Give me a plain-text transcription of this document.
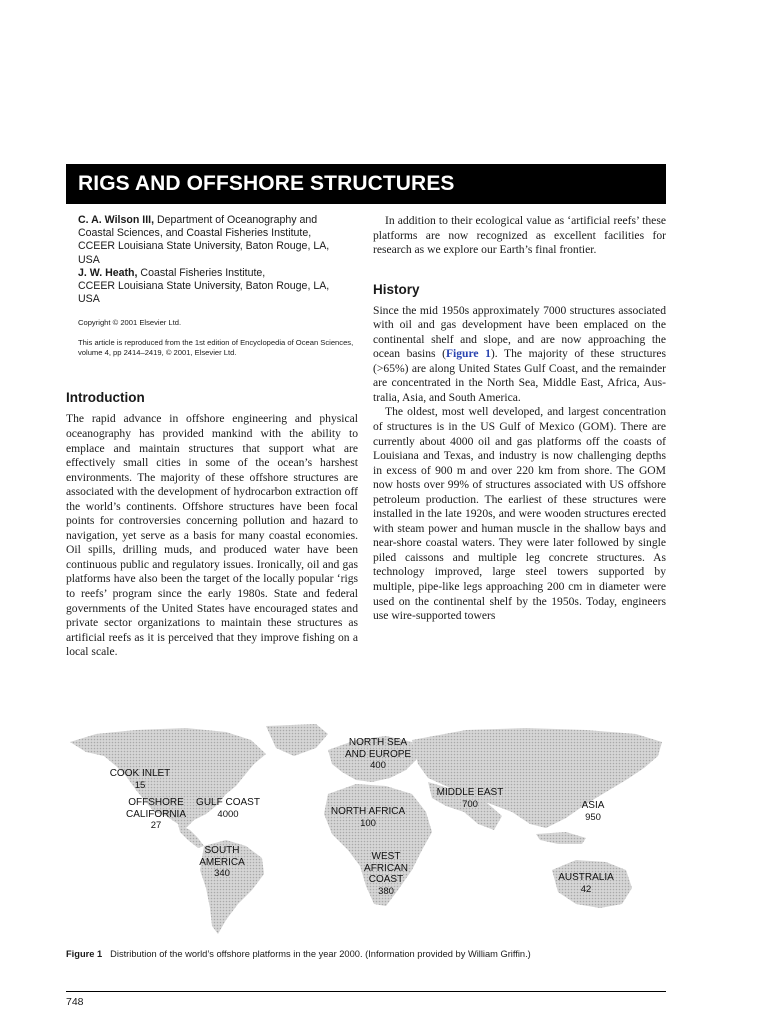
RIGS AND OFFSHORE STRUCTURES
C. A. Wilson III, Department of Oceanography and
Coastal Sciences, and Coastal Fisheries Institute,
CCEER Louisiana State University, Baton Rouge, LA,
USA
J. W. Heath, Coastal Fisheries Institute,
CCEER Louisiana State University, Baton Rouge, LA,
USA
Copyright © 2001 Elsevier Ltd.
This article is reproduced from the 1st edition of Encyclopedia of Ocean Sciences, volume 4, pp 2414–2419, © 2001, Elsevier Ltd.
Introduction

The rapid advance in offshore engineering and physical oceanography has provided mankind with the ability to emplace and maintain structures that support what are effectively small cities in some of the ocean’s harshest environments. The majority of these offshore structures are associated with the development of hydrocarbon extraction off the world’s continents. Offshore structures have been focal points for controversies concerning pollution and hazard to navigation, yet serve as a basis for many coastal economies. Oil spills, drilling muds, and produced water have been continuous public and regulatory issues. Ironically, oil and gas platforms have also been the target of the locally popular ‘rigs to reefs’ program since the early 1980s. State and federal governments of the United States have encouraged states and private sector organizations to maintain these structures as artificial reefs as it is perceived that they improve fishing on a local scale.

In addition to their ecological value as ‘artificial reefs’ these platforms are now recognized as excellent facilities for research as we explore our Earth’s final frontier.

History

Since the mid 1950s approximately 7000 structures associated with oil and gas development have been emplaced on the continental shelf and slope, and are now approaching the ocean basins (Figure 1). The majority of these structures (>65%) are along United States Gulf Coast, and the remainder are concentrated in the North Sea, Middle East, Africa, Australia, Asia, and South America.

The oldest, most well developed, and largest concentration of structures is in the US Gulf of Mexico (GOM). There are currently about 4000 oil and gas platforms off the coasts of Louisiana and Texas, and industry is now challenging depths in excess of 900 m and over 220 km from shore. The GOM now hosts over 99% of structures associated with US offshore petroleum production. The earliest of these structures were installed in the late 1920s, and were wooden structures erected with steam power and human muscle in the shallow bays and near-shore coastal waters. They were later followed by single piled caissons and multiple leg concrete structures. As technology improved, large steel towers supported by multiple, pipe-like legs approaching 200 cm in diameter were used on the continental shelf by the 1950s. Today, engineers use wire-supported towers

COOK INLET
15
OFFSHORE
CALIFORNIA
27
GULF COAST
4000
SOUTH
AMERICA
340
NORTH SEA
AND EUROPE
400
NORTH AFRICA
100
WEST
AFRICAN
COAST
380
MIDDLE EAST
700	ASIA
950
AUSTRALIA
42
Figure 1 Distribution of the world’s offshore platforms in the year 2000. (Information provided by William Griffin.)
748
